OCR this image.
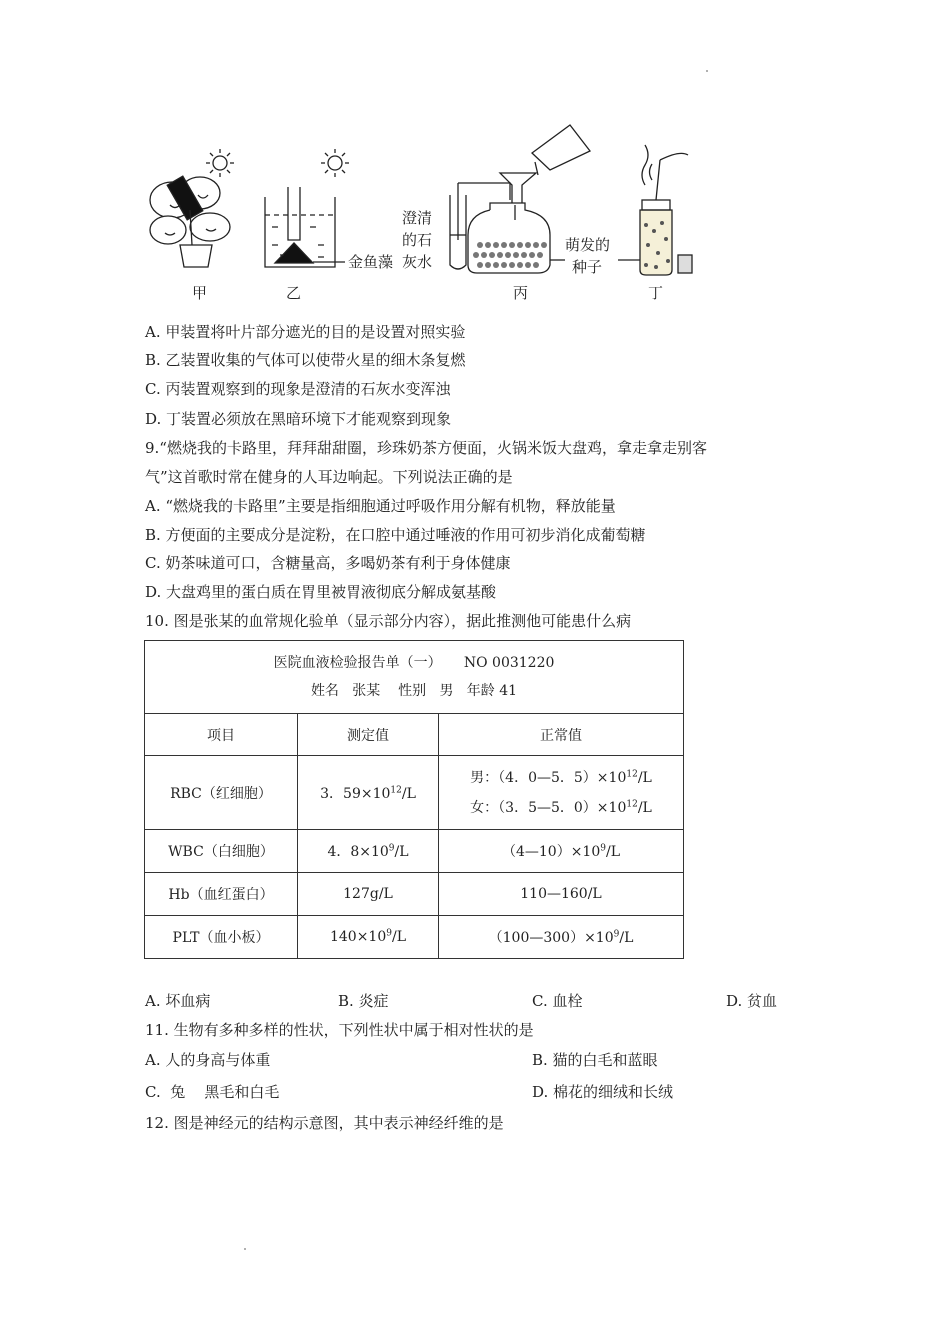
金鱼藻
澄清
的石
灰水
萌发的
种子
甲	乙	丙	丁
A. 甲装置将叶片部分遮光的目的是设置对照实验
B. 乙装置收集的气体可以使带火星的细木条复燃
C. 丙装置观察到的现象是澄清的石灰水变浑浊
D. 丁装置必须放在黑暗环境下才能观察到现象
9.“燃烧我的卡路里，拜拜甜甜圈，珍珠奶茶方便面，火锅米饭大盘鸡，拿走拿走别客
气”这首歌时常在健身的人耳边响起。下列说法正确的是
A. “燃烧我的卡路里”主要是指细胞通过呼吸作用分解有机物，释放能量
B. 方便面的主要成分是淀粉，在口腔中通过唾液的作用可初步消化成葡萄糖
C. 奶茶味道可口，含糖量高，多喝奶茶有利于身体健康
D. 大盘鸡里的蛋白质在胃里被胃液彻底分解成氨基酸
10. 图是张某的血常规化验单（显示部分内容），据此推测他可能患什么病
医院血液检验报告单（一）     NO 0031220
姓名   张某    性别   男   年龄 41		

项目	测定值	正常值
RBC（红细胞）	3．$59\times 10^{12}/L$	男：（4．0—5．$5)\times 10^{12}/L$
女：（3．5—5．$0)\times 10^{12}/L$

WBC（白细胞）	4．$8\times 10^9/L$	$(4—10)\times 10^9/L$
Hb（血红蛋白）	127g/L	110—160/L
PLT（血小板）	$140\times 10^9/L$	$(100—300)\times 10^9/L$
A. 坏血病	B. 炎症	C. 血栓	D. 贫血
11. 生物有多种多样的性状，下列性状中属于相对性状的是
A. 人的身高与体重	B. 猫的白毛和蓝眼
C.  兔    黑毛和白毛	D. 棉花的细绒和长绒
12. 图是神经元的结构示意图，其中表示神经纤维的是
